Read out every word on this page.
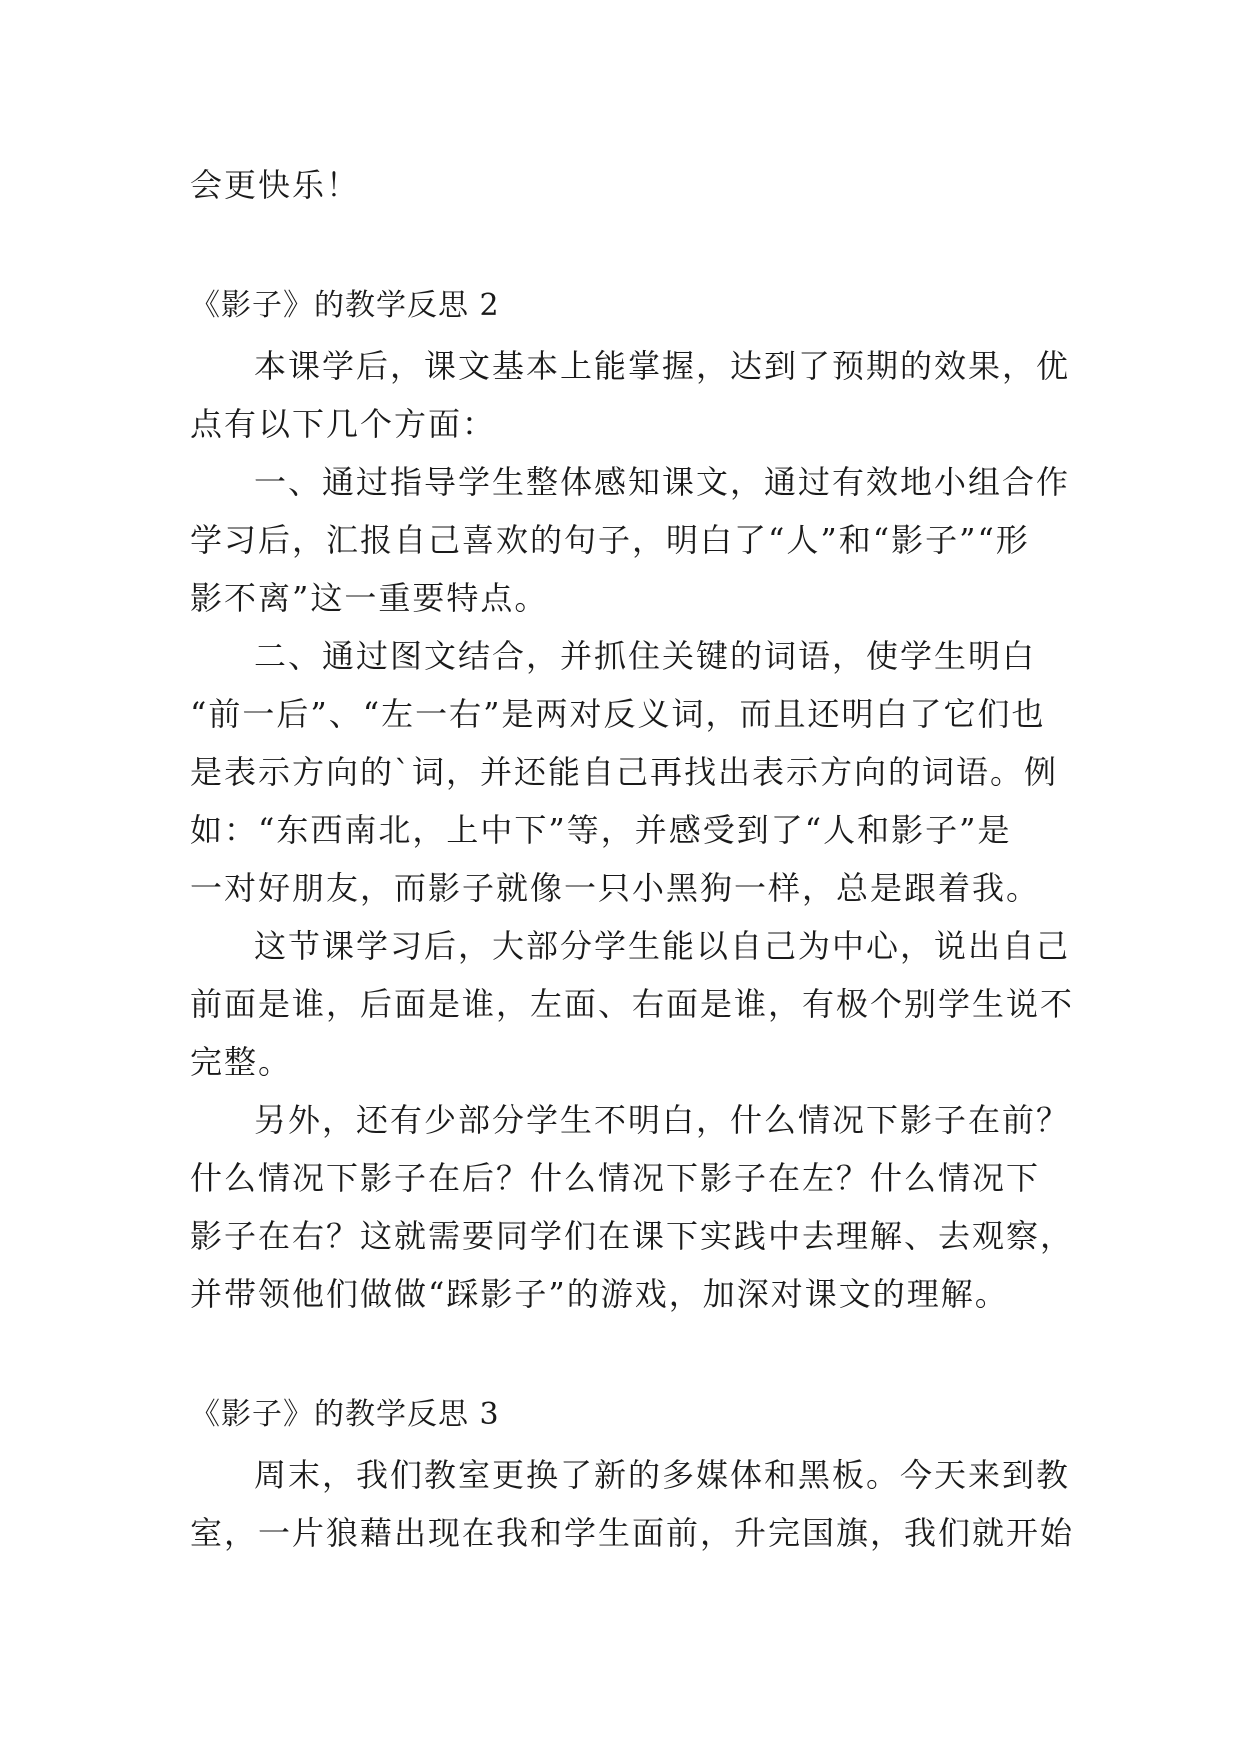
会更快乐！

《影子》的教学反思 2

本课学后，课文基本上能掌握，达到了预期的效果，优

点有以下几个方面：

一、通过指导学生整体感知课文，通过有效地小组合作

学习后，汇报自己喜欢的句子，明白了“人”和“影子”“形

影不离”这一重要特点。

二、通过图文结合，并抓住关键的词语，使学生明白

“前一后”、“左一右”是两对反义词，而且还明白了它们也

是表示方向的`词，并还能自己再找出表示方向的词语。例

如：“东西南北，上中下”等，并感受到了“人和影子”是

一对好朋友，而影子就像一只小黑狗一样，总是跟着我。

这节课学习后，大部分学生能以自己为中心，说出自己

前面是谁，后面是谁，左面、右面是谁，有极个别学生说不

完整。

另外，还有少部分学生不明白，什么情况下影子在前？

什么情况下影子在后？什么情况下影子在左？什么情况下

影子在右？这就需要同学们在课下实践中去理解、去观察，

并带领他们做做“踩影子”的游戏，加深对课文的理解。

《影子》的教学反思 3

周末，我们教室更换了新的多媒体和黑板。今天来到教

室，一片狼藉出现在我和学生面前，升完国旗，我们就开始
